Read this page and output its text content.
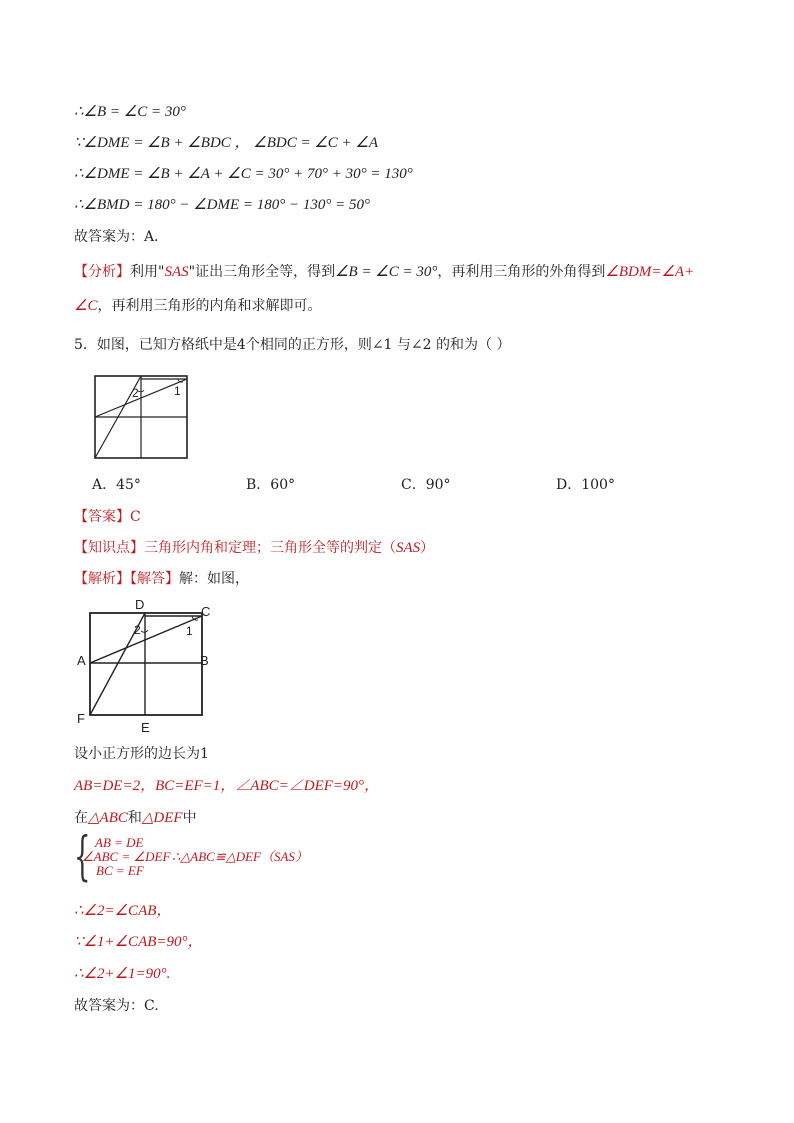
∴∠B = ∠C = 30°
∵∠DME = ∠B + ∠BDC ， ∠BDC = ∠C + ∠A
∴∠DME = ∠B + ∠A + ∠C = 30° + 70° + 30° = 130°
∴∠BMD = 180° − ∠DME = 180° − 130° = 50°
故答案为：A．
【分析】利用"SAS"证出三角形全等，得到∠B = ∠C = 30°，再利用三角形的外角得到∠BDM=∠A+
∠C，再利用三角形的内角和求解即可。
5．如图，已知方格纸中是4个相同的正方形，则∠1 与∠2 的和为（ ）
2	1
A．45°	B．60°	C．90°	D．100°
【答案】C
【知识点】三角形内角和定理；三角形全等的判定（SAS）
【解析】【解答】解：如图，
D	C
A	B
F
E
1
2
设小正方形的边长为1
AB=DE=2，BC=EF=1，∠ABC=∠DEF=90°，
在△ABC和△DEF中
{ AB = DE
∠ABC = ∠DEF
BC = EF
∴△ABC≌△DEF（SAS）
∴∠2=∠CAB，
∵∠1+∠CAB=90°，
∴∠2+∠1=90°.
故答案为：C.
